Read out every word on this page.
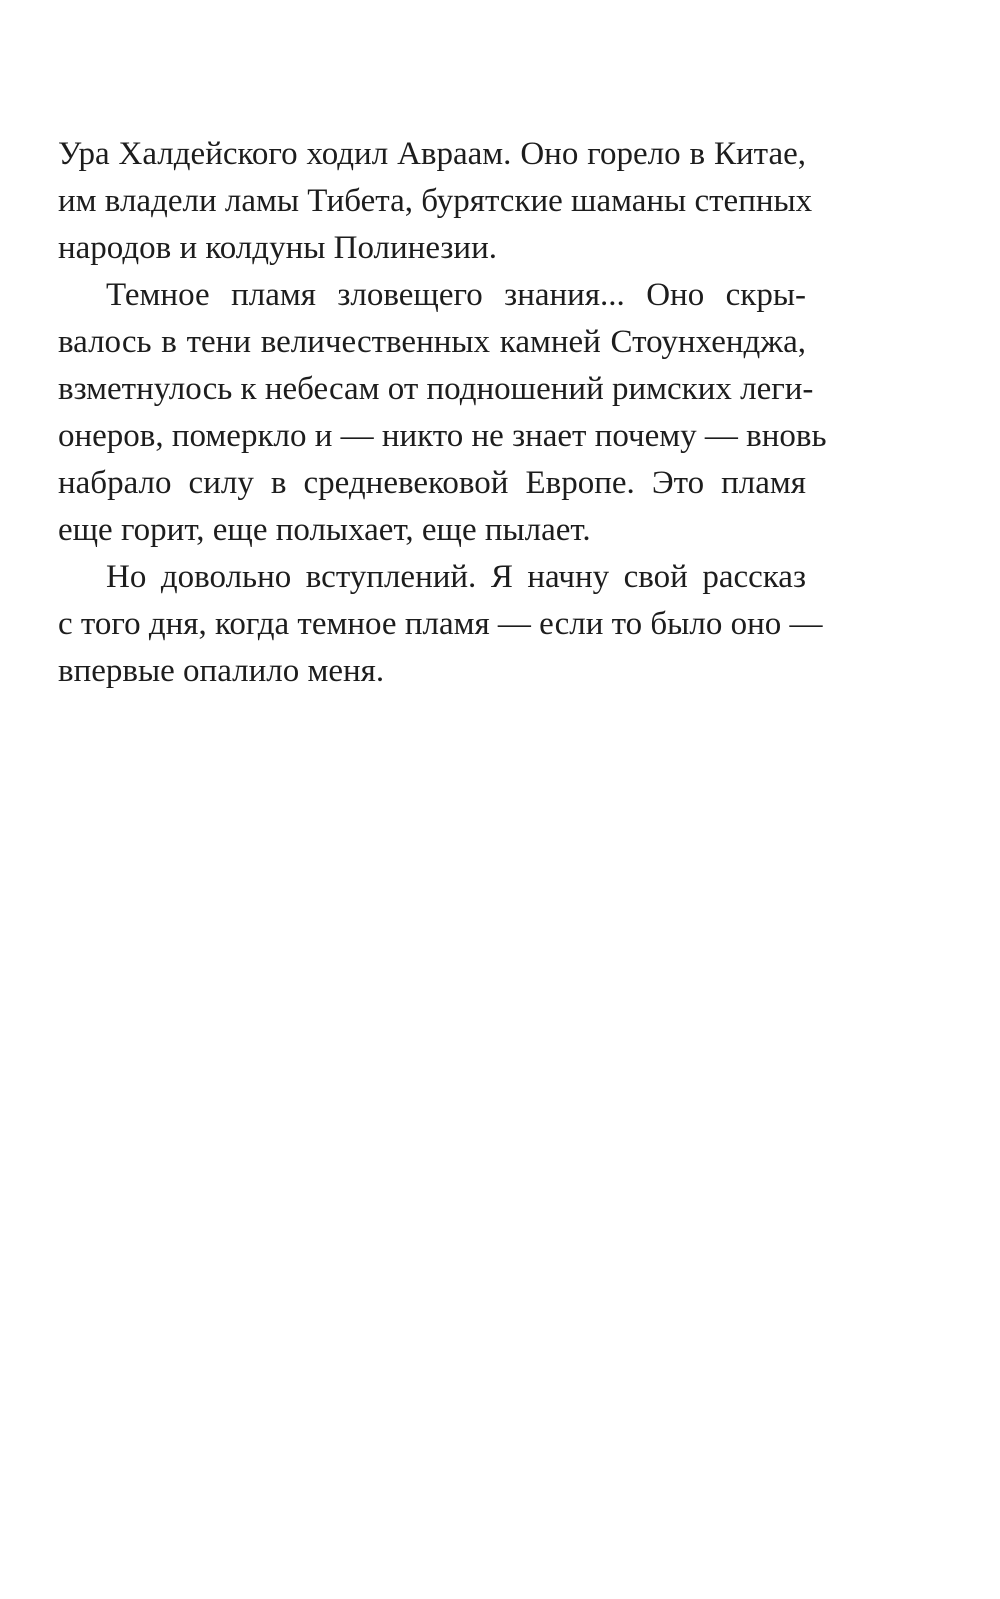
Ура Халдейского ходил Авраам. Оно горело в Китае,
им владели ламы Тибета, бурятские шаманы степных
народов и колдуны Полинезии.
Темное пламя зловещего знания... Оно скры-
валось в тени величественных камней Стоунхенджа,
взметнулось к небесам от подношений римских леги-
онеров, померкло и — никто не знает почему — вновь
набрало силу в средневековой Европе. Это пламя
еще горит, еще полыхает, еще пылает.
Но довольно вступлений. Я начну свой рассказ
с того дня, когда темное пламя — если то было оно —
впервые опалило меня.
